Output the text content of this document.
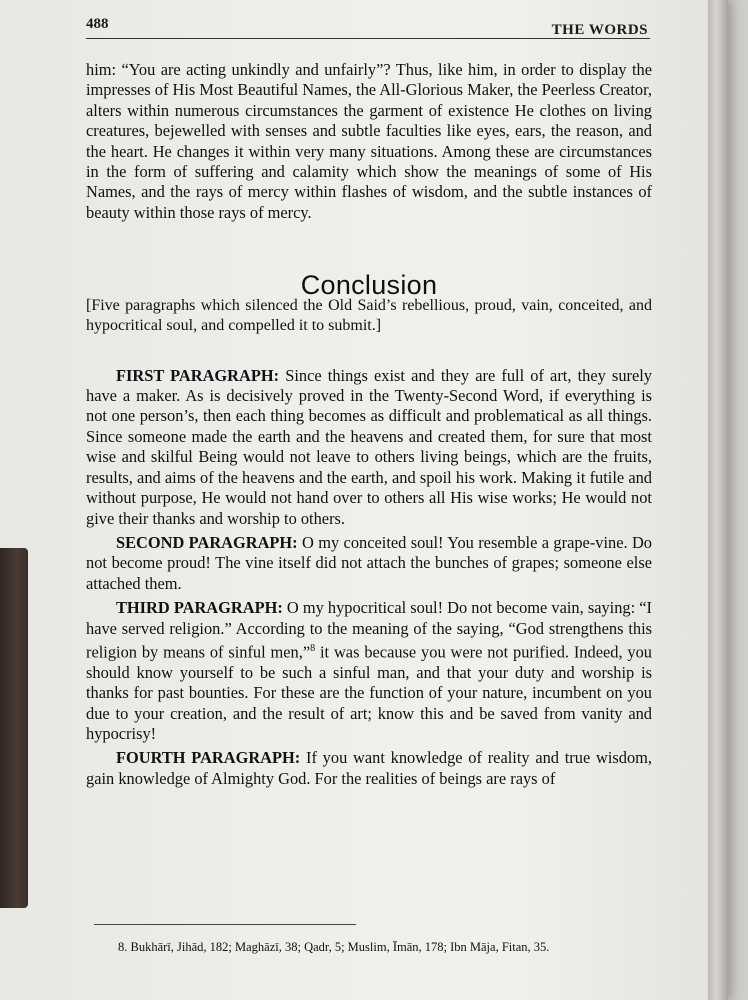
488	THE WORDS

him: “You are acting unkindly and unfairly”? Thus, like him, in order to display the impresses of His Most Beautiful Names, the All-Glorious Maker, the Peerless Creator, alters within numerous circumstances the garment of existence He clothes on living creatures, bejewelled with senses and subtle faculties like eyes, ears, the reason, and the heart. He changes it within very many situations. Among these are circumstances in the form of suffering and calamity which show the meanings of some of His Names, and the rays of mercy within flashes of wisdom, and the subtle instances of beauty within those rays of mercy.

Conclusion

[Five paragraphs which silenced the Old Said’s rebellious, proud, vain, conceited, and hypocritical soul, and compelled it to submit.]

FIRST PARAGRAPH: Since things exist and they are full of art, they surely have a maker. As is decisively proved in the Twenty-Second Word, if everything is not one person’s, then each thing becomes as difficult and problematical as all things. Since someone made the earth and the heavens and created them, for sure that most wise and skilful Being would not leave to others living beings, which are the fruits, results, and aims of the heavens and the earth, and spoil his work. Making it futile and without purpose, He would not hand over to others all His wise works; He would not give their thanks and worship to others.

SECOND PARAGRAPH: O my conceited soul! You resemble a grape-vine. Do not become proud! The vine itself did not attach the bunches of grapes; someone else attached them.

THIRD PARAGRAPH: O my hypocritical soul! Do not become vain, saying: “I have served religion.” According to the meaning of the saying, “God strengthens this religion by means of sinful men,”$^8$ it was because you were not purified. Indeed, you should know yourself to be such a sinful man, and that your duty and worship is thanks for past bounties. For these are the function of your nature, incumbent on you due to your creation, and the result of art; know this and be saved from vanity and hypocrisy!

FOURTH PARAGRAPH: If you want knowledge of reality and true wisdom, gain knowledge of Almighty God. For the realities of beings are rays of

8. Bukhārī, Jihād, 182; Maghāzī, 38; Qadr, 5; Muslim, Īmān, 178; Ibn Māja, Fitan, 35.
